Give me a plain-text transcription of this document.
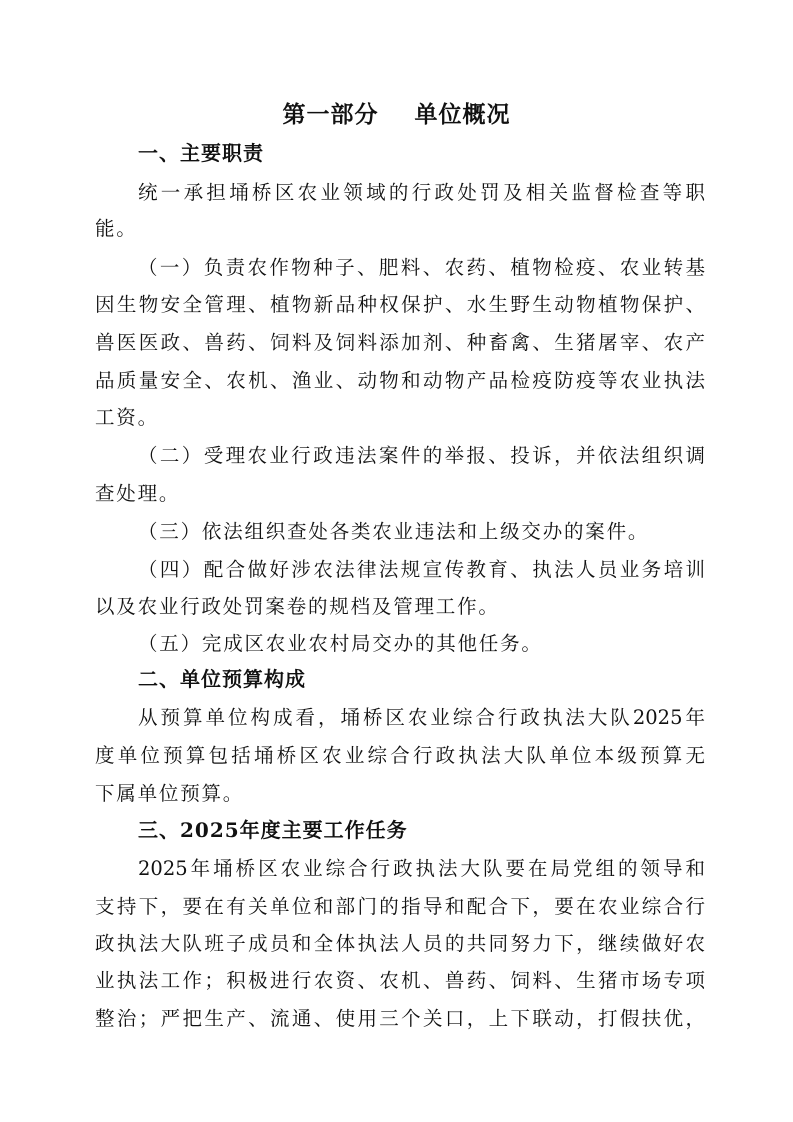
第一部分    单位概况
一、主要职责
统一承担埇桥区农业领域的行政处罚及相关监督检查等职
能。
（一）负责农作物种子、肥料、农药、植物检疫、农业转基
因生物安全管理、植物新品种权保护、水生野生动物植物保护、
兽医医政、兽药、饲料及饲料添加剂、种畜禽、生猪屠宰、农产
品质量安全、农机、渔业、动物和动物产品检疫防疫等农业执法
工资。
（二）受理农业行政违法案件的举报、投诉，并依法组织调
查处理。
（三）依法组织查处各类农业违法和上级交办的案件。
（四）配合做好涉农法律法规宣传教育、执法人员业务培训
以及农业行政处罚案卷的规档及管理工作。
（五）完成区农业农村局交办的其他任务。
二、单位预算构成
从预算单位构成看，埇桥区农业综合行政执法大队2025年
度单位预算包括埇桥区农业综合行政执法大队单位本级预算无
下属单位预算。
三、2025年度主要工作任务
2025年埇桥区农业综合行政执法大队要在局党组的领导和
支持下，要在有关单位和部门的指导和配合下，要在农业综合行
政执法大队班子成员和全体执法人员的共同努力下，继续做好农
业执法工作；积极进行农资、农机、兽药、饲料、生猪市场专项
整治；严把生产、流通、使用三个关口，上下联动，打假扶优，
